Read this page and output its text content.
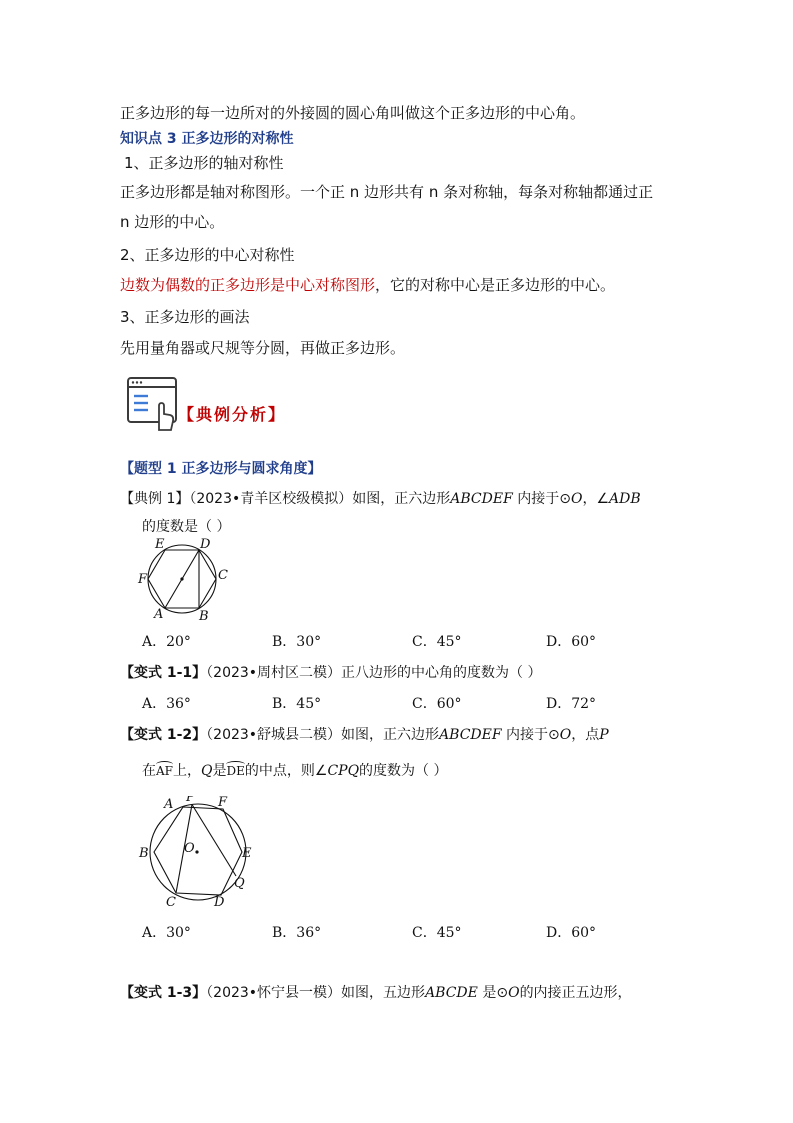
正多边形的每一边所对的外接圆的圆心角叫做这个正多边形的中心角。
知识点 3 正多边形的对称性
1、正多边形的轴对称性
正多边形都是轴对称图形。一个正 n 边形共有 n 条对称轴，每条对称轴都通过正
n 边形的中心。
2、正多边形的中心对称性
边数为偶数的正多边形是中心对称图形，它的对称中心是正多边形的中心。
3、正多边形的画法
先用量角器或尺规等分圆，再做正多边形。
【典例分析】
【题型 1 正多边形与圆求角度】
【典例 1】（2023•青羊区校级模拟）如图，正六边形ABCDEF 内接于⊙O，∠ADB
的度数是（ ）
E	D
F	C
A	B
A．20°	B．30°	C．45°	D．60°
【变式 1-1】（2023•周村区二模）正八边形的中心角的度数为（ ）
A．36°	B．45°	C．60°	D．72°
【变式 1-2】（2023•舒城县二模）如图，正六边形ABCDEF 内接于⊙O，点P
在AF上，Q是DE的中点，则∠CPQ的度数为（ ）
A P F
B	O	E
Q
C	D
A．30°	B．36°	C．45°	D．60°
【变式 1-3】（2023•怀宁县一模）如图，五边形ABCDE 是⊙O的内接正五边形，
